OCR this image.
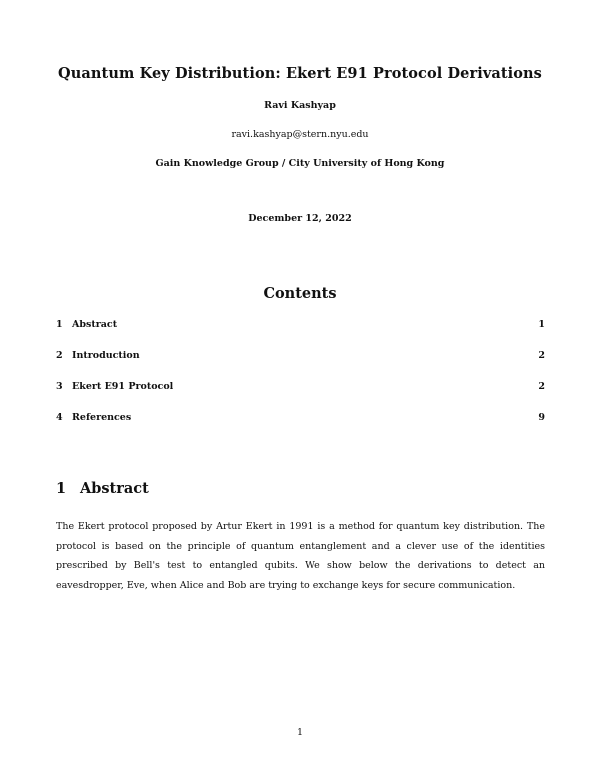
Quantum Key Distribution: Ekert E91 Protocol Derivations
Ravi Kashyap
ravi.kashyap@stern.nyu.edu
Gain Knowledge Group / City University of Hong Kong
December 12, 2022
Contents
1 Abstract	1
2 Introduction	2
3 Ekert E91 Protocol	2
4 References	9
1 Abstract

The Ekert protocol proposed by Artur Ekert in 1991 is a method for quantum key distribution. The protocol is based on the principle of quantum entanglement and a clever use of the identities prescribed by Bell's test to entangled qubits. We show below the derivations to detect an eavesdropper, Eve, when Alice and Bob are trying to exchange keys for secure communication.

1
